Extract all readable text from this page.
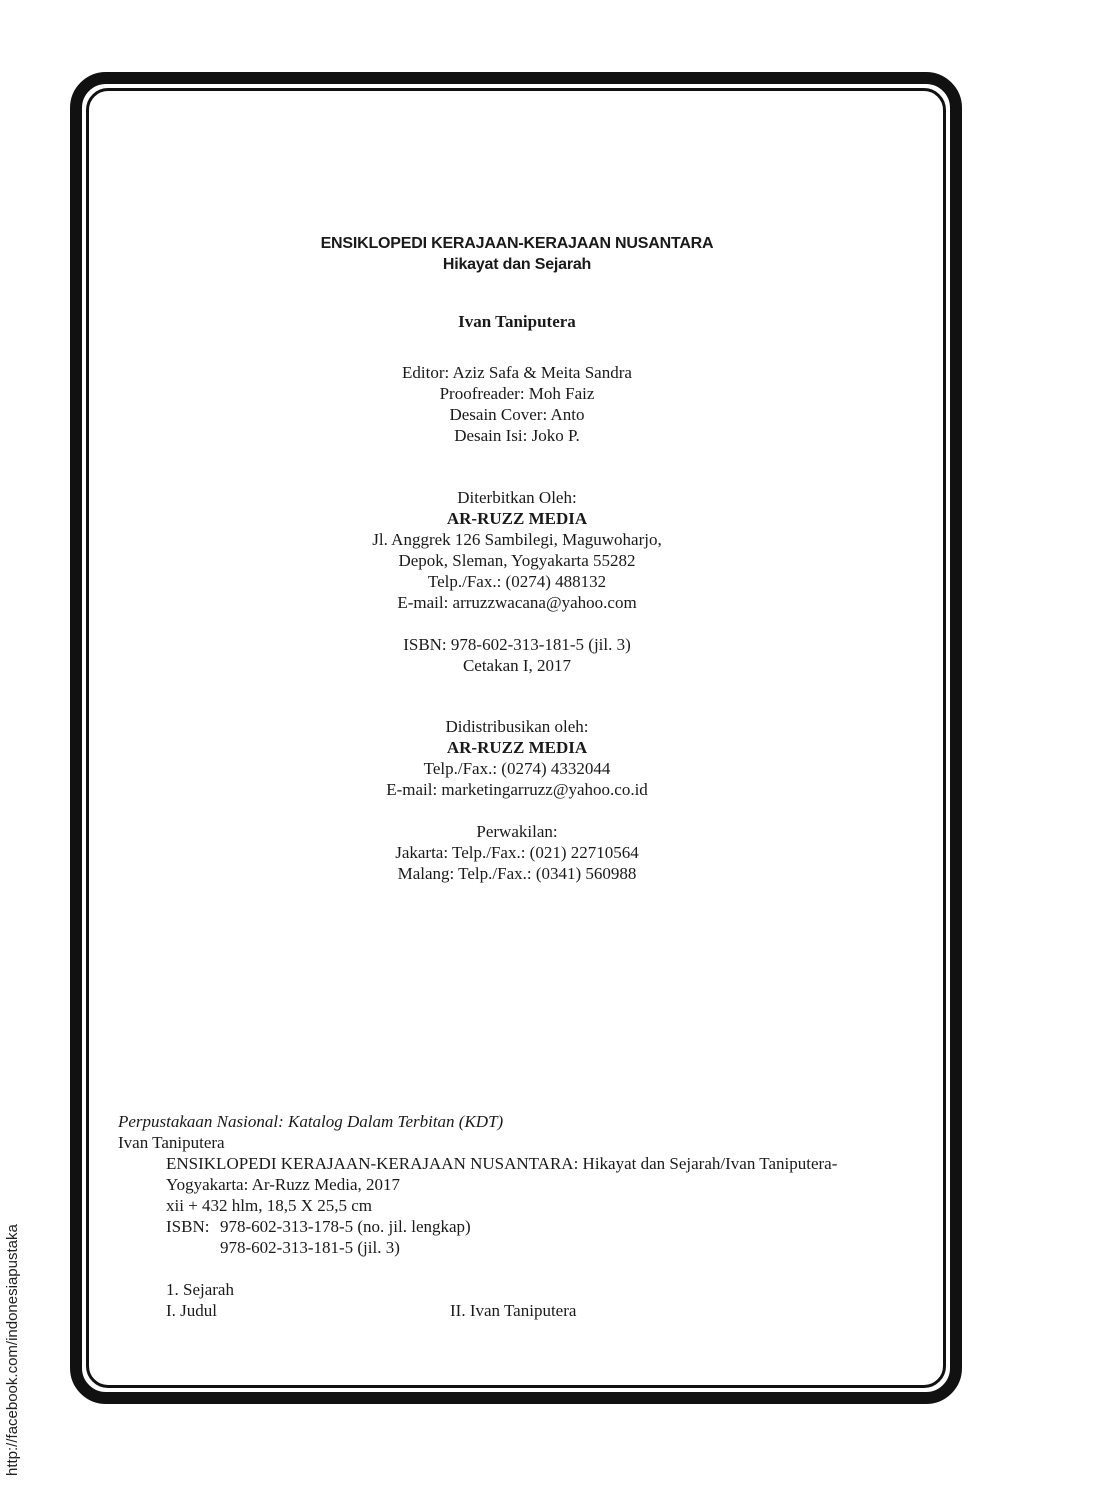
ENSIKLOPEDI KERAJAAN-KERAJAAN NUSANTARA
Hikayat dan Sejarah
Ivan Taniputera
Editor: Aziz Safa & Meita Sandra
Proofreader: Moh Faiz
Desain Cover: Anto
Desain Isi: Joko P.
Diterbitkan Oleh:
AR-RUZZ MEDIA
Jl. Anggrek 126 Sambilegi, Maguwoharjo,
Depok, Sleman, Yogyakarta 55282
Telp./Fax.: (0274) 488132
E-mail: arruzzwacana@yahoo.com
ISBN: 978-602-313-181-5 (jil. 3)
Cetakan I, 2017
Didistribusikan oleh:
AR-RUZZ MEDIA
Telp./Fax.: (0274) 4332044
E-mail: marketingarruzz@yahoo.co.id
Perwakilan:
Jakarta: Telp./Fax.: (021) 22710564
Malang: Telp./Fax.: (0341) 560988
Perpustakaan Nasional: Katalog Dalam Terbitan (KDT)
Ivan Taniputera
ENSIKLOPEDI KERAJAAN-KERAJAAN NUSANTARA: Hikayat dan Sejarah/Ivan Taniputera-
Yogyakarta: Ar-Ruzz Media, 2017
xii + 432 hlm, 18,5 X 25,5 cm
ISBN: 978-602-313-178-5 (no. jil. lengkap)
978-602-313-181-5 (jil. 3)
1. Sejarah
I. Judul	II. Ivan Taniputera
http://facebook.com/indonesiapustaka
